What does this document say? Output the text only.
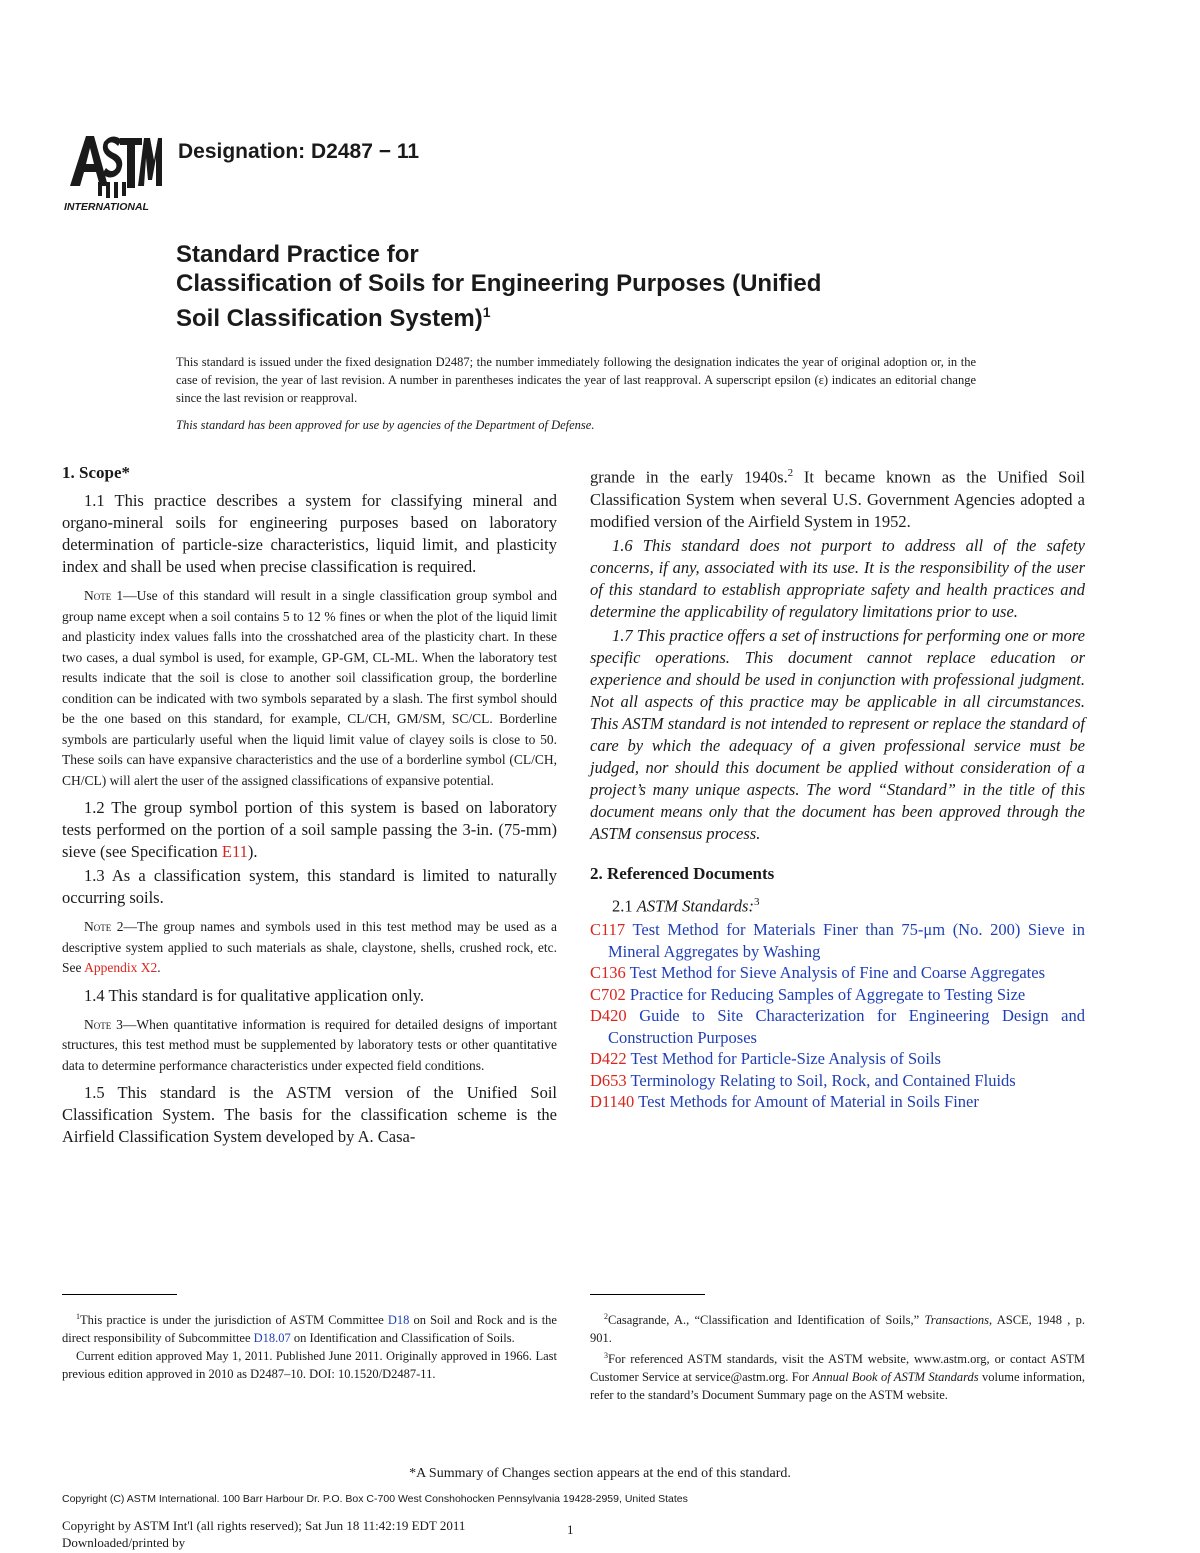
INTERNATIONAL
Designation: D2487 − 11
Standard Practice for
Classification of Soils for Engineering Purposes (Unified
Soil Classification System)$^1$
This standard is issued under the fixed designation D2487; the number immediately following the designation indicates the year of original adoption or, in the case of revision, the year of last revision. A number in parentheses indicates the year of last reapproval. A superscript epsilon (ε) indicates an editorial change since the last revision or reapproval.
This standard has been approved for use by agencies of the Department of Defense.

1. Scope*

1.1 This practice describes a system for classifying mineral and organo-mineral soils for engineering purposes based on laboratory determination of particle-size characteristics, liquid limit, and plasticity index and shall be used when precise classification is required.

Note 1—Use of this standard will result in a single classification group symbol and group name except when a soil contains 5 to 12 % fines or when the plot of the liquid limit and plasticity index values falls into the crosshatched area of the plasticity chart. In these two cases, a dual symbol is used, for example, GP-GM, CL-ML. When the laboratory test results indicate that the soil is close to another soil classification group, the borderline condition can be indicated with two symbols separated by a slash. The first symbol should be the one based on this standard, for example, CL/CH, GM/SM, SC/CL. Borderline symbols are particularly useful when the liquid limit value of clayey soils is close to 50. These soils can have expansive characteristics and the use of a borderline symbol (CL/CH, CH/CL) will alert the user of the assigned classifications of expansive potential.

1.2 The group symbol portion of this system is based on laboratory tests performed on the portion of a soil sample passing the 3-in. (75-mm) sieve (see Specification E11).

1.3 As a classification system, this standard is limited to naturally occurring soils.

Note 2—The group names and symbols used in this test method may be used as a descriptive system applied to such materials as shale, claystone, shells, crushed rock, etc. See Appendix X2.

1.4 This standard is for qualitative application only.

Note 3—When quantitative information is required for detailed designs of important structures, this test method must be supplemented by laboratory tests or other quantitative data to determine performance characteristics under expected field conditions.

1.5 This standard is the ASTM version of the Unified Soil Classification System. The basis for the classification scheme is the Airfield Classification System developed by A. Casa-

grande in the early 1940s.$^2$ It became known as the Unified Soil Classification System when several U.S. Government Agencies adopted a modified version of the Airfield System in 1952.

1.6 This standard does not purport to address all of the safety concerns, if any, associated with its use. It is the responsibility of the user of this standard to establish appropriate safety and health practices and determine the applicability of regulatory limitations prior to use.

1.7 This practice offers a set of instructions for performing one or more specific operations. This document cannot replace education or experience and should be used in conjunction with professional judgment. Not all aspects of this practice may be applicable in all circumstances. This ASTM standard is not intended to represent or replace the standard of care by which the adequacy of a given professional service must be judged, nor should this document be applied without consideration of a project’s many unique aspects. The word “Standard” in the title of this document means only that the document has been approved through the ASTM consensus process.

2. Referenced Documents

2.1 ASTM Standards:$^3$

C117 Test Method for Materials Finer than 75-μm (No. 200) Sieve in Mineral Aggregates by Washing

C136 Test Method for Sieve Analysis of Fine and Coarse Aggregates

C702 Practice for Reducing Samples of Aggregate to Testing Size

D420 Guide to Site Characterization for Engineering Design and Construction Purposes

D422 Test Method for Particle-Size Analysis of Soils

D653 Terminology Relating to Soil, Rock, and Contained Fluids

D1140 Test Methods for Amount of Material in Soils Finer

$^1$This practice is under the jurisdiction of ASTM Committee D18 on Soil and Rock and is the direct responsibility of Subcommittee D18.07 on Identification and Classification of Soils.

Current edition approved May 1, 2011. Published June 2011. Originally approved in 1966. Last previous edition approved in 2010 as D2487–10. DOI: 10.1520/D2487-11.

$^2$Casagrande, A., “Classification and Identification of Soils,” Transactions, ASCE, 1948 , p. 901.

$^3$For referenced ASTM standards, visit the ASTM website, www.astm.org, or contact ASTM Customer Service at service@astm.org. For Annual Book of ASTM Standards volume information, refer to the standard’s Document Summary page on the ASTM website.

*A Summary of Changes section appears at the end of this standard.
Copyright (C) ASTM International. 100 Barr Harbour Dr. P.O. Box C-700 West Conshohocken Pennsylvania 19428-2959, United States
Copyright by ASTM Int'l (all rights reserved); Sat Jun 18 11:42:19 EDT 2011
Downloaded/printed by
1
